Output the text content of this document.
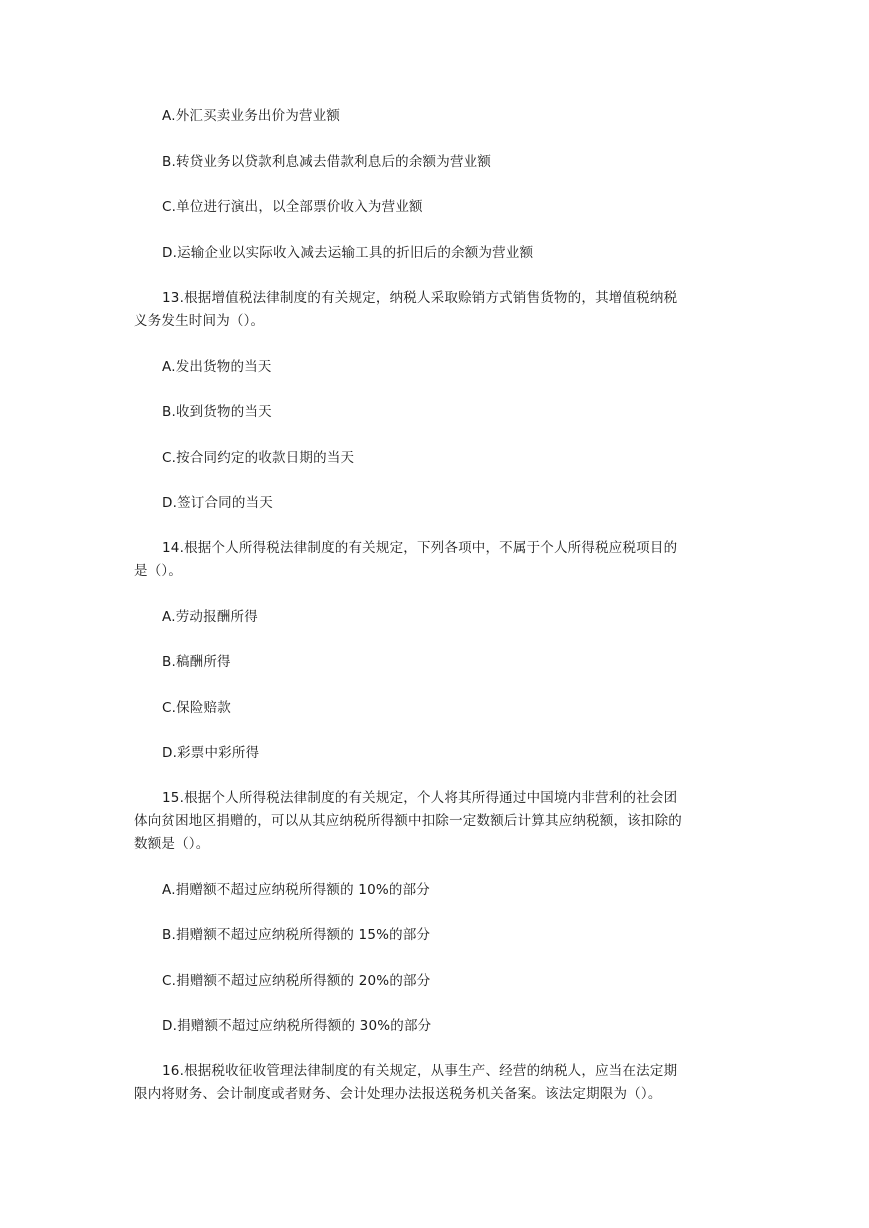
A.外汇买卖业务出价为营业额
B.转贷业务以贷款利息减去借款利息后的余额为营业额
C.单位进行演出，以全部票价收入为营业额
D.运输企业以实际收入减去运输工具的折旧后的余额为营业额
13.根据增值税法律制度的有关规定，纳税人采取赊销方式销售货物的，其增值税纳税
义务发生时间为（）。
A.发出货物的当天
B.收到货物的当天
C.按合同约定的收款日期的当天
D.签订合同的当天
14.根据个人所得税法律制度的有关规定，下列各项中，不属于个人所得税应税项目的
是（）。
A.劳动报酬所得
B.稿酬所得
C.保险赔款
D.彩票中彩所得
15.根据个人所得税法律制度的有关规定，个人将其所得通过中国境内非营利的社会团
体向贫困地区捐赠的，可以从其应纳税所得额中扣除一定数额后计算其应纳税额，该扣除的
数额是（）。
A.捐赠额不超过应纳税所得额的 10%的部分
B.捐赠额不超过应纳税所得额的 15%的部分
C.捐赠额不超过应纳税所得额的 20%的部分
D.捐赠额不超过应纳税所得额的 30%的部分
16.根据税收征收管理法律制度的有关规定，从事生产、经营的纳税人，应当在法定期
限内将财务、会计制度或者财务、会计处理办法报送税务机关备案。该法定期限为（）。
